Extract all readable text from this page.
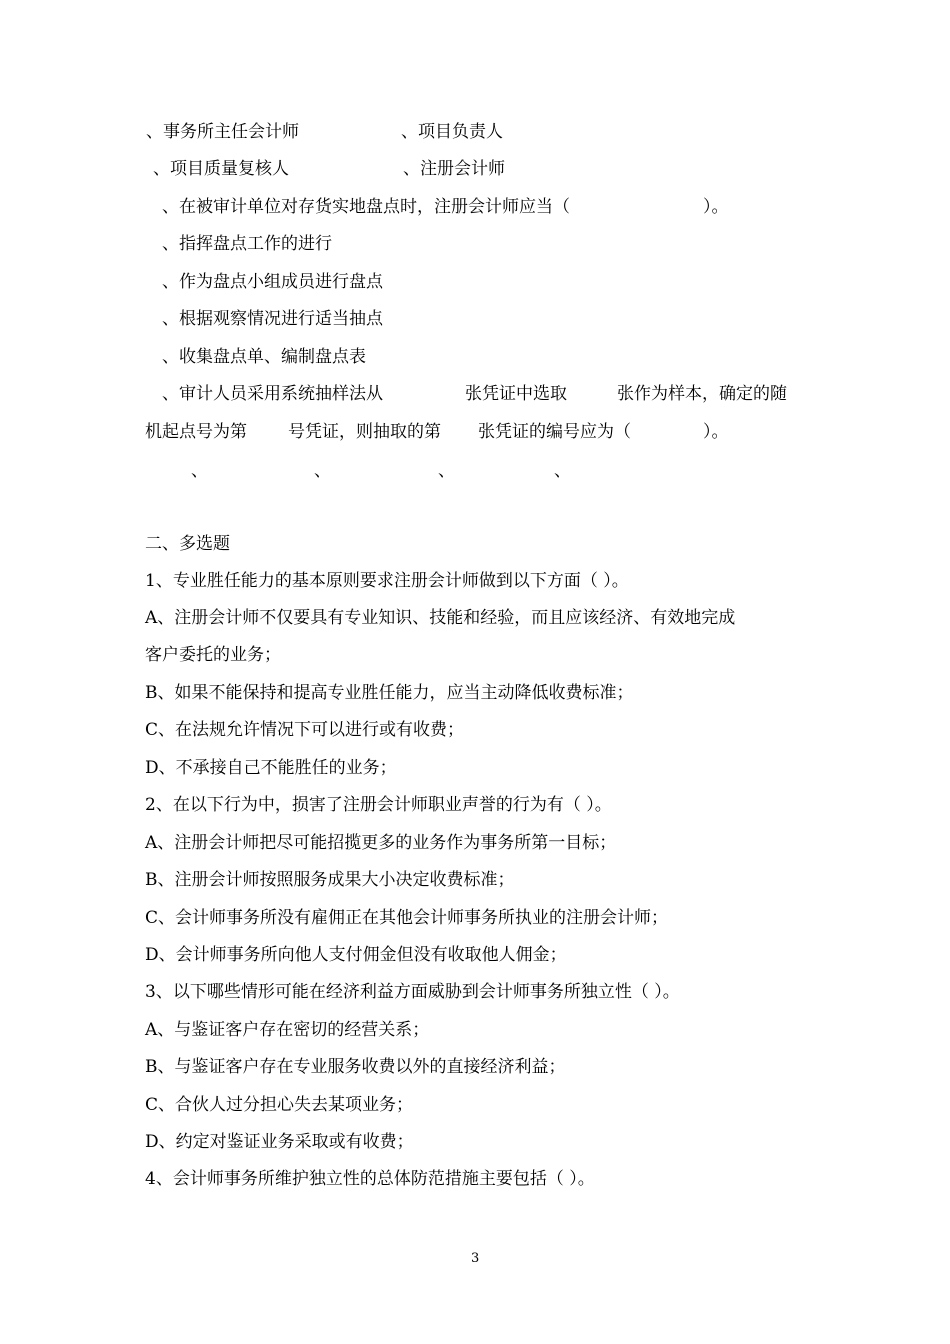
、事务所主任会计师	、项目负责人
、项目质量复核人	、注册会计师
、在被审计单位对存货实地盘点时，注册会计师应当（	）。
、指挥盘点工作的进行
、作为盘点小组成员进行盘点
、根据观察情况进行适当抽点
、收集盘点单、编制盘点表
、审计人员采用系统抽样法从	张凭证中选取	张作为样本，确定的随
机起点号为第 号凭证，则抽取的第 张凭证的编号应为（	）。
、	、	、	、
二、多选题
1、专业胜任能力的基本原则要求注册会计师做到以下方面（ ）。
A、注册会计师不仅要具有专业知识、技能和经验，而且应该经济、有效地完成
客户委托的业务；
B、如果不能保持和提高专业胜任能力，应当主动降低收费标准；
C、在法规允许情况下可以进行或有收费；
D、不承接自己不能胜任的业务；
2、在以下行为中，损害了注册会计师职业声誉的行为有（ ）。
A、注册会计师把尽可能招揽更多的业务作为事务所第一目标；
B、注册会计师按照服务成果大小决定收费标准；
C、会计师事务所没有雇佣正在其他会计师事务所执业的注册会计师；
D、会计师事务所向他人支付佣金但没有收取他人佣金；
3、以下哪些情形可能在经济利益方面威胁到会计师事务所独立性（ ）。
A、与鉴证客户存在密切的经营关系；
B、与鉴证客户存在专业服务收费以外的直接经济利益；
C、合伙人过分担心失去某项业务；
D、约定对鉴证业务采取或有收费；
4、会计师事务所维护独立性的总体防范措施主要包括（ ）。
3
